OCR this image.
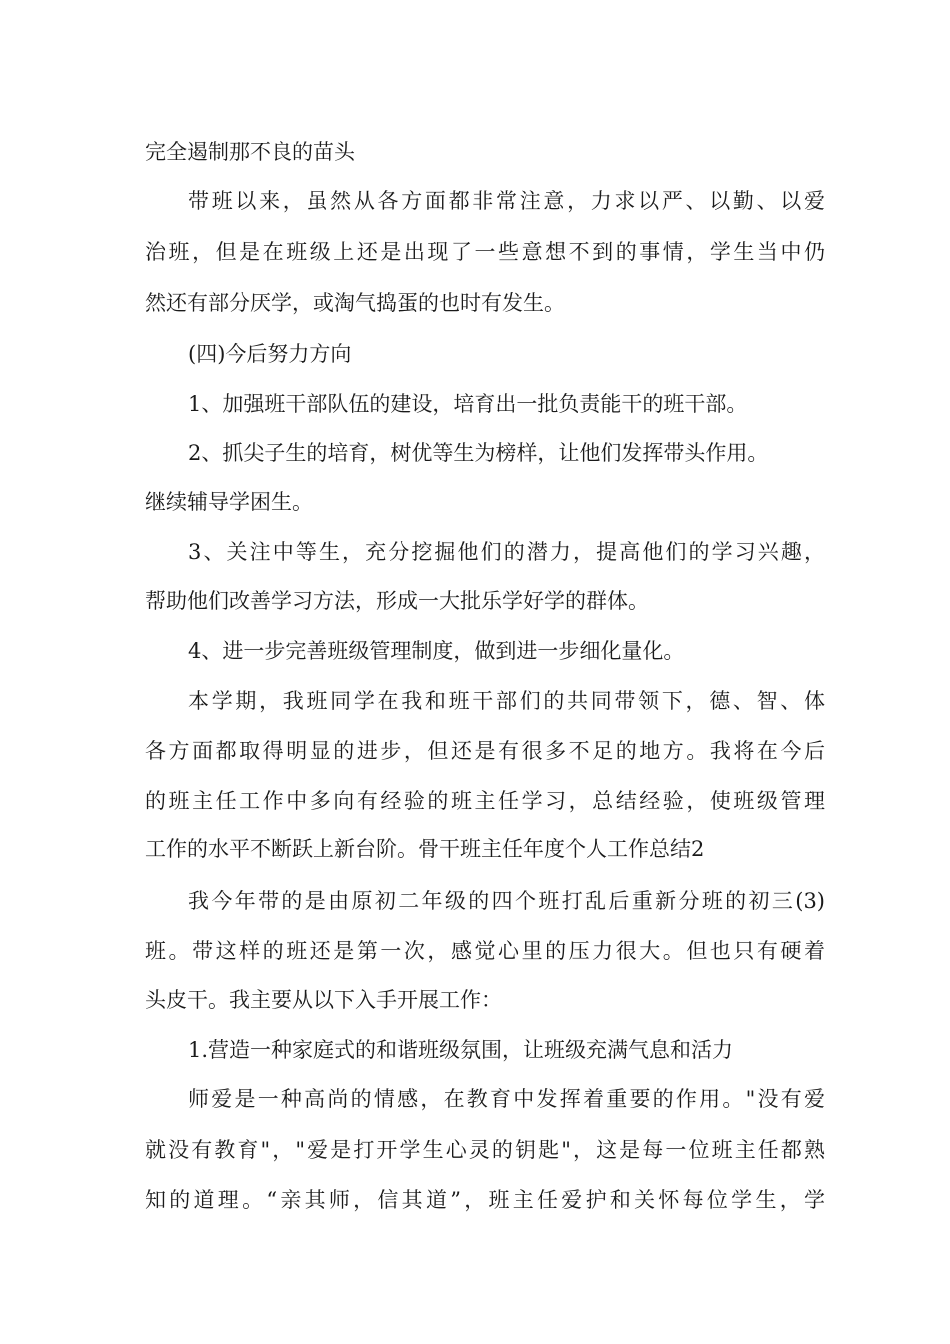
完全遏制那不良的苗头
带班以来，虽然从各方面都非常注意，力求以严、以勤、以爱
治班，但是在班级上还是出现了一些意想不到的事情，学生当中仍
然还有部分厌学，或淘气捣蛋的也时有发生。
(四)今后努力方向
1、加强班干部队伍的建设，培育出一批负责能干的班干部。
2、抓尖子生的培育，树优等生为榜样，让他们发挥带头作用。
继续辅导学困生。
3、关注中等生，充分挖掘他们的潜力，提高他们的学习兴趣，
帮助他们改善学习方法，形成一大批乐学好学的群体。
4、进一步完善班级管理制度，做到进一步细化量化。
本学期，我班同学在我和班干部们的共同带领下，德、智、体
各方面都取得明显的进步，但还是有很多不足的地方。我将在今后
的班主任工作中多向有经验的班主任学习，总结经验，使班级管理
工作的水平不断跃上新台阶。骨干班主任年度个人工作总结2
我今年带的是由原初二年级的四个班打乱后重新分班的初三(3)
班。带这样的班还是第一次，感觉心里的压力很大。但也只有硬着
头皮干。我主要从以下入手开展工作：
1.营造一种家庭式的和谐班级氛围，让班级充满气息和活力
师爱是一种高尚的情感，在教育中发挥着重要的作用。"没有爱
就没有教育"，"爱是打开学生心灵的钥匙"，这是每一位班主任都熟
知的道理。“亲其师，信其道”，班主任爱护和关怀每位学生，学
